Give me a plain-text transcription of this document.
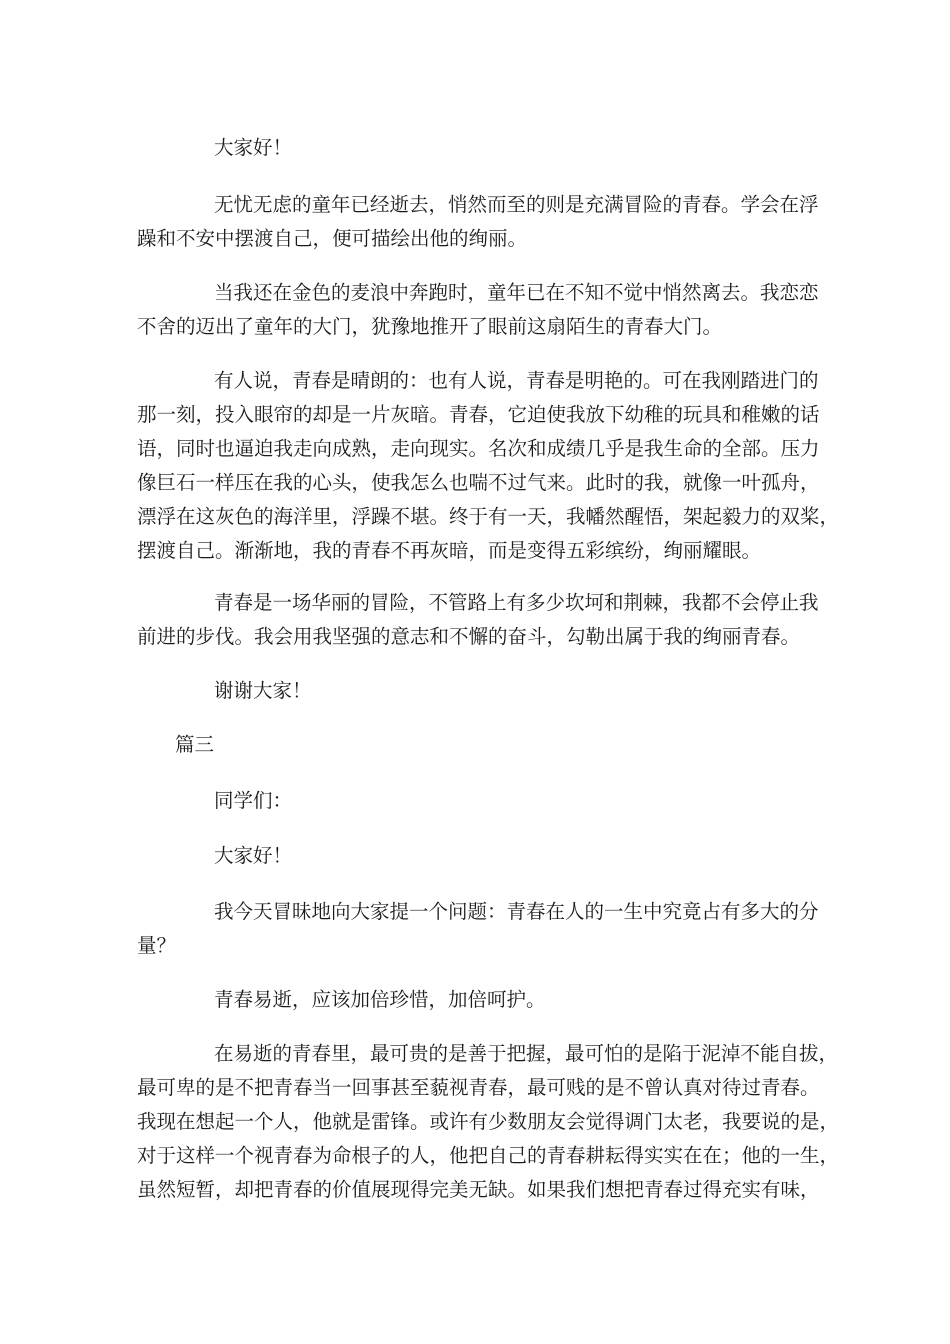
大家好！
无忧无虑的童年已经逝去，悄然而至的则是充满冒险的青春。学会在浮
躁和不安中摆渡自己，便可描绘出他的绚丽。
当我还在金色的麦浪中奔跑时，童年已在不知不觉中悄然离去。我恋恋
不舍的迈出了童年的大门，犹豫地推开了眼前这扇陌生的青春大门。
有人说，青春是晴朗的：也有人说，青春是明艳的。可在我刚踏进门的
那一刻，投入眼帘的却是一片灰暗。青春，它迫使我放下幼稚的玩具和稚嫩的话
语，同时也逼迫我走向成熟，走向现实。名次和成绩几乎是我生命的全部。压力
像巨石一样压在我的心头，使我怎么也喘不过气来。此时的我，就像一叶孤舟，
漂浮在这灰色的海洋里，浮躁不堪。终于有一天，我幡然醒悟，架起毅力的双桨，
摆渡自己。渐渐地，我的青春不再灰暗，而是变得五彩缤纷，绚丽耀眼。
青春是一场华丽的冒险，不管路上有多少坎坷和荆棘，我都不会停止我
前进的步伐。我会用我坚强的意志和不懈的奋斗，勾勒出属于我的绚丽青春。
谢谢大家！
篇三
同学们：
大家好！
我今天冒昧地向大家提一个问题：青春在人的一生中究竟占有多大的分
量？
青春易逝，应该加倍珍惜，加倍呵护。
在易逝的青春里，最可贵的是善于把握，最可怕的是陷于泥淖不能自拔，
最可卑的是不把青春当一回事甚至藐视青春，最可贱的是不曾认真对待过青春。
我现在想起一个人，他就是雷锋。或许有少数朋友会觉得调门太老，我要说的是，
对于这样一个视青春为命根子的人，他把自己的青春耕耘得实实在在；他的一生，
虽然短暂，却把青春的价值展现得完美无缺。如果我们想把青春过得充实有味，
